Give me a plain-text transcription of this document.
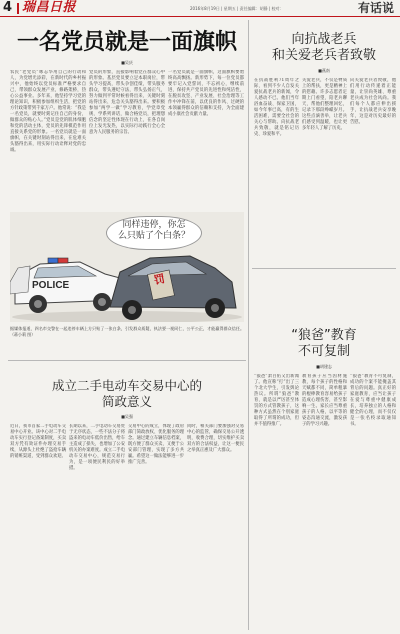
4 瑞昌日报	2016年8月19日 | 星期五 | 责任编辑：胡静 | 校对：	有话说
一名党员就是一面旗帜
■吴庆
农民“老党员”咏志华用自己的行动和人，为党增光添彩，在新时代的乡村振兴中，他始终以党员标准严格要求自己，带领群众发展产业，修路架桥，热心公益事业。多年来，他坚持学习党的理论知识，积极参加组织生活，把党的方针政策带到千家万户。他常说：“我是一名党员，就要时刻记住自己的身份，做群众的贴心人。”党员是党的肌体细胞和党的活动主体，党员的先锋模范作用直接关系党的形象。一名党员就是一面旗帜，在关键时刻站得出来，在危难关头豁得出来，用实际行动诠释对党的忠诚。
党员的形象，直接影响着党在群众心中的形象。基层党员要立足本职岗位，带头学习提高，带头争创佳绩，带头服务群众，带头遵纪守法，带头弘扬正气，努力做到平常时候看得出来、关键时刻站得出来、危急关头豁得出来。要积极参加“两学一做”学习教育，学党章党规、学系列讲话，做合格党员，把理想信念的坚定性体现在行动上，在各自岗位上发光发热，以实际行动践行全心全意为人民服务的宗旨。
一名党员就是一面旗帜，这面旗帜要始终高高飘扬。新形势下，每一位党员都要牢记入党誓词，不忘初心，继续前进，保持共产党员的先进性和纯洁性，在脱贫攻坚、产业发展、社会治理等工作中冲锋在前，以优良的作风、过硬的本领赢得群众的信赖和支持，为全面建成小康社会贡献力量。
POLICE	罚
同样违停，你怎
么只贴了个白条？
据媒体报道，四名市交警在一起违停车辆上方只贴了一张白条，引发群众质疑，执法要一视同仁，公平公正，才能赢得群众信任。（蒋小莉 图）
成立二手电动车交易中心的
简政意义
■吴强
近日，我市首家二手电动车交易中心开业。该中心对二手电动车实行登记备案制度，买卖双方凭有效证件办理交易手续，从源头上杜绝了盗抢车辆的销赃渠道，受到群众欢迎。
长期以来，二手电动车交易处于无序状态，一些不法分子将盗来的电动车低价出售，给车主造成了损失，也增加了公安机关的办案难度。成立二手电动车交易中心，规范交易行为，是一项便民利民的好举措。
交易中心的成立，体现了政府部门简政放权、优化服务的理念。通过建立车辆信息档案，既方便了群众买卖，又便于公安部门管理，实现了多方共赢。希望这一做法能够进一步推广完善。
同时，相关部门要加强对交易中心的监管，确保交易公开透明，收费合理，切实维护买卖双方的合法权益，让这一便民之举真正惠及广大群众。
向抗战老兵
和关爱老兵者致敬
■燕南
在抗战胜利71周年之际，看到不少人自发关爱抗战老兵的新闻，令人感动不已。他们当年浴血奋战、保家卫国，如今年事已高，有的生活困难，需要全社会的关心与帮助。向抗战老兵致敬，就是铭记历史、珍爱和平。
关爱老兵，不仅是物质上的帮扶，更是精神上的慰藉。许多志愿者定期上门看望，陪老兵聊天，帮他们整理回忆，记录下那段峥嵘岁月。这些点滴善举，让老兵们感受到温暖，也让更多年轻人了解了历史。
向关爱老兵者致敬，他们用行动传递着正能量，让崇尚英雄、尊重老兵成为社会风尚。我们每个人都应伸出援手，让抗战老兵安享晚年，这是对历史最好的告慰。
“狼爸”教育
不可复制
■胡建志
“狼爸”萧百佑又出新闻了。他宣称“打”出了三个北大学生，引发舆论热议。所谓“狼爸”教育，就是以严厉甚至体罚的方式管教孩子，这种方式虽然在个别家庭取得了所谓的成功，但并不值得推广。
教育孩子应当因材施教，每个孩子的性格和天赋都不同，简单粗暴的棍棒教育容易给孩子造成心理伤害，甚至影响一生。家长应当尊重孩子的人格，以平等的姿态沟通交流，激发孩子的学习兴趣。
“狼爸”教育不可复制，成功的个案不能掩盖其背后的问题。真正好的家庭教育，应当让孩子在爱与尊重中健康成长，培养独立的人格和健全的心理，而不仅仅是一张名校录取通知书。
